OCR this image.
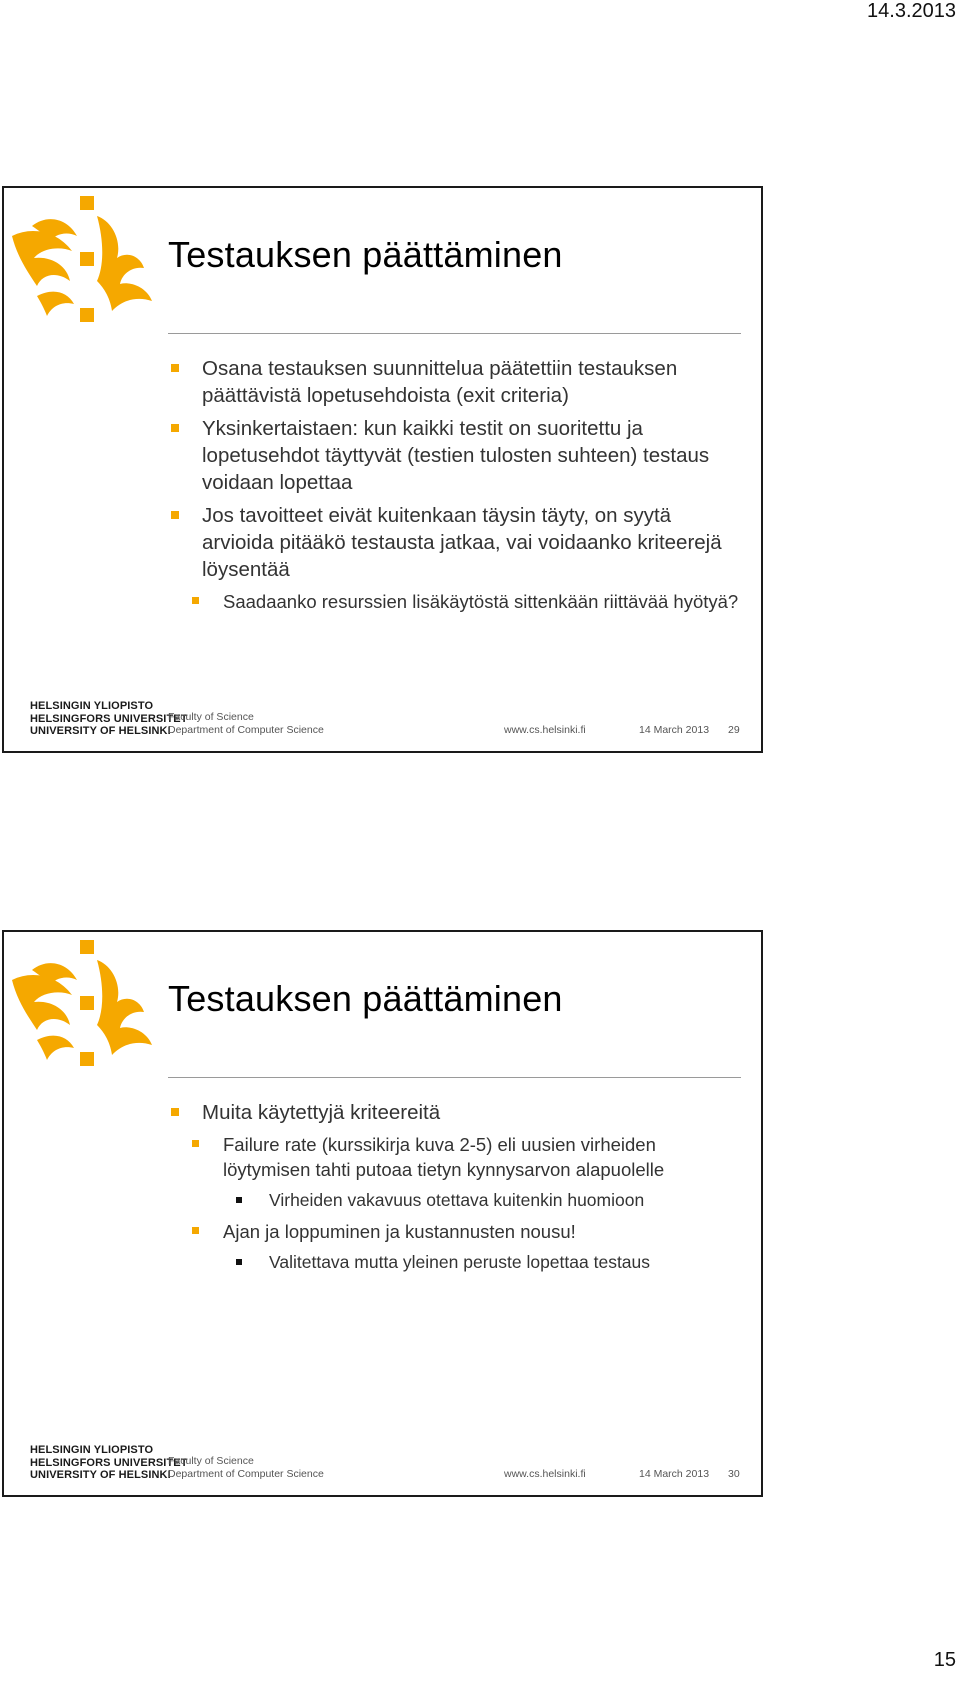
14.3.2013
Testauksen päättäminen
Osana testauksen suunnittelua päätettiin testauksen päättävistä lopetusehdoista (exit criteria)
Yksinkertaistaen: kun kaikki testit on suoritettu ja lopetusehdot täyttyvät (testien tulosten suhteen) testaus voidaan lopettaa
Jos tavoitteet eivät kuitenkaan täysin täyty, on syytä arvioida pitääkö testausta jatkaa, vai voidaanko kriteerejä löysentää
Saadaanko resurssien lisäkäytöstä sittenkään riittävää hyötyä?
HELSINGIN YLIOPISTO
HELSINGFORS UNIVERSITET
UNIVERSITY OF HELSINKI
Faculty of Science
Department of Computer Science	www.cs.helsinki.fi	14 March 2013 29
Testauksen päättäminen
Muita käytettyjä kriteereitä
Failure rate (kurssikirja kuva 2-5) eli uusien virheiden löytymisen tahti putoaa tietyn kynnysarvon alapuolelle
Virheiden vakavuus otettava kuitenkin huomioon
Ajan ja loppuminen ja kustannusten nousu!
Valitettava mutta yleinen peruste lopettaa testaus
HELSINGIN YLIOPISTO
HELSINGFORS UNIVERSITET
UNIVERSITY OF HELSINKI
Faculty of Science
Department of Computer Science	www.cs.helsinki.fi	14 March 2013 30
15
